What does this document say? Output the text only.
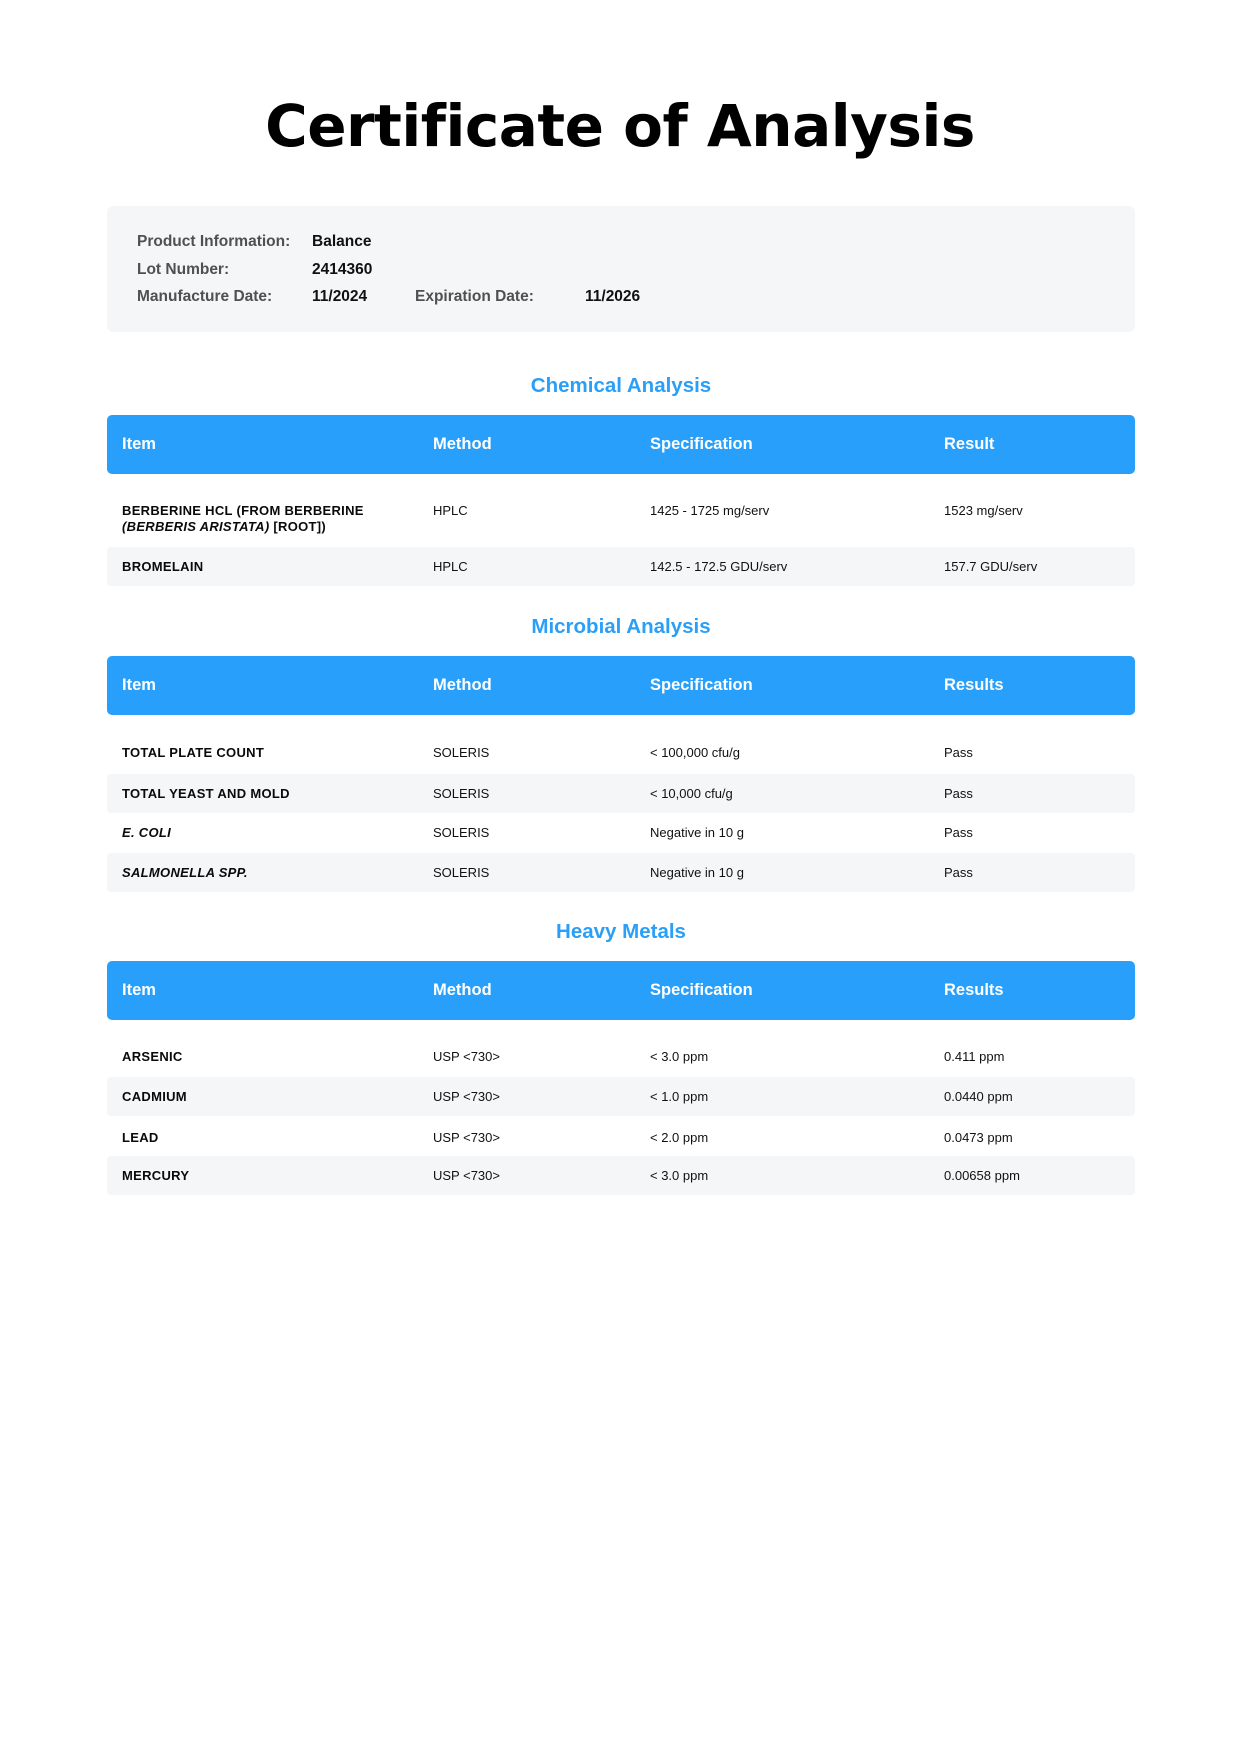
Certificate of Analysis
Product Information: Balance
Lot Number:	2414360
Manufacture Date:	11/2024	Expiration Date:	11/2026
Chemical Analysis
Item	Method	Specification	Result
BERBERINE HCL (FROM BERBERINE
(BERBERIS ARISTATA) [ROOT])
HPLC	1425 - 1725 mg/serv	1523 mg/serv
BROMELAIN	HPLC	142.5 - 172.5 GDU/serv	157.7 GDU/serv
Microbial Analysis
Item	Method	Specification	Results
TOTAL PLATE COUNT	SOLERIS	< 100,000 cfu/g	Pass
TOTAL YEAST AND MOLD	SOLERIS	< 10,000 cfu/g	Pass
E. COLI	SOLERIS	Negative in 10 g	Pass
SALMONELLA SPP.	SOLERIS	Negative in 10 g	Pass
Heavy Metals
Item	Method	Specification	Results
ARSENIC	USP <730>	< 3.0 ppm	0.411 ppm
CADMIUM	USP <730>	< 1.0 ppm	0.0440 ppm
LEAD	USP <730>	< 2.0 ppm	0.0473 ppm
MERCURY	USP <730>	< 3.0 ppm	0.00658 ppm
